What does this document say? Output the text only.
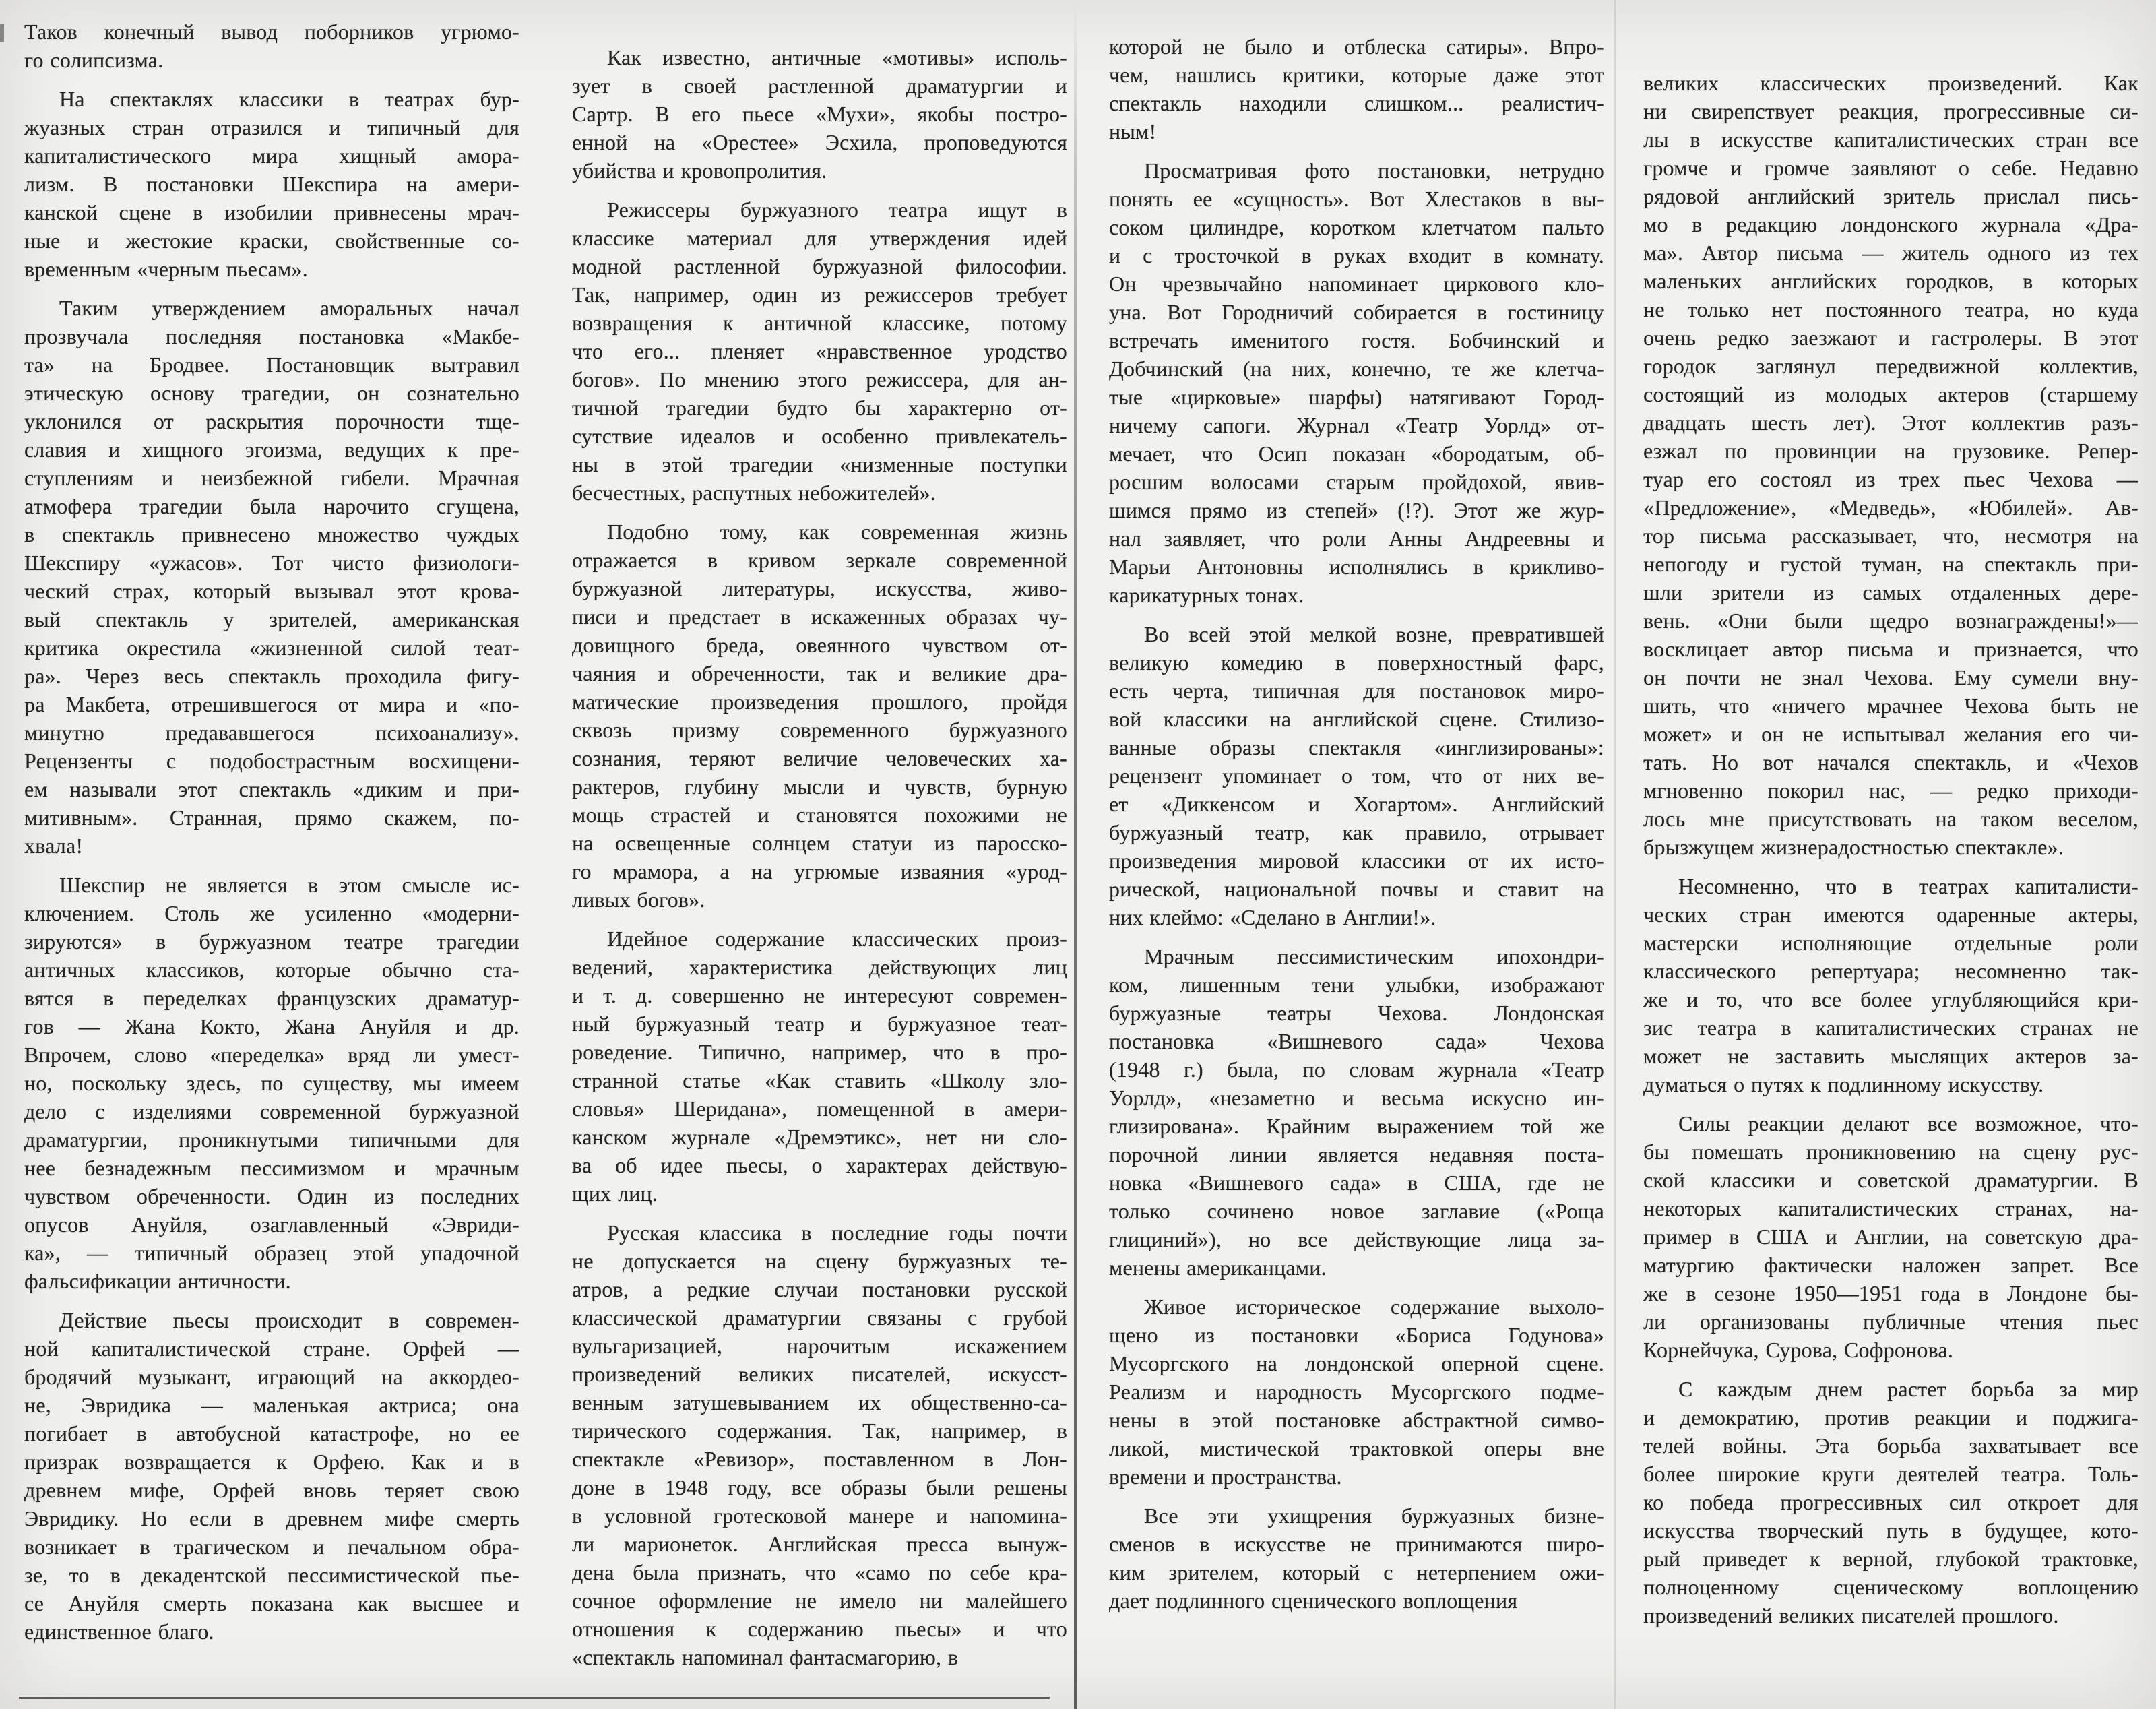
Таков конечный вывод поборников угрюмо-
го солипсизма.
На спектаклях классики в театрах бур-
жуазных стран отразился и типичный для
капиталистического мира хищный амора-
лизм. В постановки Шекспира на амери-
канской сцене в изобилии привнесены мрач-
ные и жестокие краски, свойственные со-
временным «черным пьесам».
Таким утверждением аморальных начал
прозвучала последняя постановка «Макбе-
та» на Бродвее. Постановщик вытравил
этическую основу трагедии, он сознательно
уклонился от раскрытия порочности тще-
славия и хищного эгоизма, ведущих к пре-
ступлениям и неизбежной гибели. Мрачная
атмофера трагедии была нарочито сгущена,
в спектакль привнесено множество чуждых
Шекспиру «ужасов». Тот чисто физиологи-
ческий страх, который вызывал этот крова-
вый спектакль у зрителей, американская
критика окрестила «жизненной силой теат-
ра». Через весь спектакль проходила фигу-
ра Макбета, отрешившегося от мира и «по-
минутно предававшегося психоанализу».
Рецензенты с подобострастным восхищени-
ем называли этот спектакль «диким и при-
митивным». Странная, прямо скажем, по-
хвала!
Шекспир не является в этом смысле ис-
ключением. Столь же усиленно «модерни-
зируются» в буржуазном театре трагедии
античных классиков, которые обычно ста-
вятся в переделках французских драматур-
гов — Жана Кокто, Жана Ануйля и др.
Впрочем, слово «переделка» вряд ли умест-
но, поскольку здесь, по существу, мы имеем
дело с изделиями современной буржуазной
драматургии, проникнутыми типичными для
нее безнадежным пессимизмом и мрачным
чувством обреченности. Один из последних
опусов Ануйля, озаглавленный «Эвриди-
ка», — типичный образец этой упадочной
фальсификации античности.
Действие пьесы происходит в современ-
ной капиталистической стране. Орфей —
бродячий музыкант, играющий на аккордео-
не, Эвридика — маленькая актриса; она
погибает в автобусной катастрофе, но ее
призрак возвращается к Орфею. Как и в
древнем мифе, Орфей вновь теряет свою
Эвридику. Но если в древнем мифе смерть
возникает в трагическом и печальном обра-
зе, то в декадентской пессимистической пье-
се Ануйля смерть показана как высшее и
единственное благо.
Как известно, античные «мотивы» исполь-
зует в своей растленной драматургии и
Сартр. В его пьесе «Мухи», якобы постро-
енной на «Орестее» Эсхила, проповедуются
убийства и кровопролития.
Режиссеры буржуазного театра ищут в
классике материал для утверждения идей
модной растленной буржуазной философии.
Так, например, один из режиссеров требует
возвращения к античной классике, потому
что его... пленяет «нравственное уродство
богов». По мнению этого режиссера, для ан-
тичной трагедии будто бы характерно от-
сутствие идеалов и особенно привлекатель-
ны в этой трагедии «низменные поступки
бесчестных, распутных небожителей».
Подобно тому, как современная жизнь
отражается в кривом зеркале современной
буржуазной литературы, искусства, живо-
писи и предстает в искаженных образах чу-
довищного бреда, овеянного чувством от-
чаяния и обреченности, так и великие дра-
матические произведения прошлого, пройдя
сквозь призму современного буржуазного
сознания, теряют величие человеческих ха-
рактеров, глубину мысли и чувств, бурную
мощь страстей и становятся похожими не
на освещенные солнцем статуи из паросско-
го мрамора, а на угрюмые изваяния «урод-
ливых богов».
Идейное содержание классических произ-
ведений, характеристика действующих лиц
и т. д. совершенно не интересуют современ-
ный буржуазный театр и буржуазное теат-
роведение. Типично, например, что в про-
странной статье «Как ставить «Школу зло-
словья» Шеридана», помещенной в амери-
канском журнале «Дремэтикс», нет ни сло-
ва об идее пьесы, о характерах действую-
щих лиц.
Русская классика в последние годы почти
не допускается на сцену буржуазных те-
атров, а редкие случаи постановки русской
классической драматургии связаны с грубой
вульгаризацией, нарочитым искажением
произведений великих писателей, искусст-
венным затушевыванием их общественно-са-
тирического содержания. Так, например, в
спектакле «Ревизор», поставленном в Лон-
доне в 1948 году, все образы были решены
в условной гротесковой манере и напомина-
ли марионеток. Английская пресса вынуж-
дена была признать, что «само по себе кра-
сочное оформление не имело ни малейшего
отношения к содержанию пьесы» и что
«спектакль напоминал фантасмагорию, в
которой не было и отблеска сатиры». Впро-
чем, нашлись критики, которые даже этот
спектакль находили слишком... реалистич-
ным!
Просматривая фото постановки, нетрудно
понять ее «сущность». Вот Хлестаков в вы-
соком цилиндре, коротком клетчатом пальто
и с тросточкой в руках входит в комнату.
Он чрезвычайно напоминает циркового кло-
уна. Вот Городничий собирается в гостиницу
встречать именитого гостя. Бобчинский и
Добчинский (на них, конечно, те же клетча-
тые «цирковые» шарфы) натягивают Город-
ничему сапоги. Журнал «Театр Уорлд» от-
мечает, что Осип показан «бородатым, об-
росшим волосами старым пройдохой, явив-
шимся прямо из степей» (!?). Этот же жур-
нал заявляет, что роли Анны Андреевны и
Марьи Антоновны исполнялись в крикливо-
карикатурных тонах.
Во всей этой мелкой возне, превратившей
великую комедию в поверхностный фарс,
есть черта, типичная для постановок миро-
вой классики на английской сцене. Стилизо-
ванные образы спектакля «инглизированы»:
рецензент упоминает о том, что от них ве-
ет «Диккенсом и Хогартом». Английский
буржуазный театр, как правило, отрывает
произведения мировой классики от их исто-
рической, национальной почвы и ставит на
них клеймо: «Сделано в Англии!».
Мрачным пессимистическим ипохондри-
ком, лишенным тени улыбки, изображают
буржуазные театры Чехова. Лондонская
постановка «Вишневого сада» Чехова
(1948 г.) была, по словам журнала «Театр
Уорлд», «незаметно и весьма искусно ин-
глизирована». Крайним выражением той же
порочной линии является недавняя поста-
новка «Вишневого сада» в США, где не
только сочинено новое заглавие («Роща
глициний»), но все действующие лица за-
менены американцами.
Живое историческое содержание выхоло-
щено из постановки «Бориса Годунова»
Мусоргского на лондонской оперной сцене.
Реализм и народность Мусоргского подме-
нены в этой постановке абстрактной симво-
ликой, мистической трактовкой оперы вне
времени и пространства.
Все эти ухищрения буржуазных бизне-
сменов в искусстве не принимаются широ-
ким зрителем, который с нетерпением ожи-
дает подлинного сценического воплощения
великих классических произведений. Как
ни свирепствует реакция, прогрессивные си-
лы в искусстве капиталистических стран все
громче и громче заявляют о себе. Недавно
рядовой английский зритель прислал пись-
мо в редакцию лондонского журнала «Дра-
ма». Автор письма — житель одного из тех
маленьких английских городков, в которых
не только нет постоянного театра, но куда
очень редко заезжают и гастролеры. В этот
городок заглянул передвижной коллектив,
состоящий из молодых актеров (старшему
двадцать шесть лет). Этот коллектив разъ-
езжал по провинции на грузовике. Репер-
туар его состоял из трех пьес Чехова —
«Предложение», «Медведь», «Юбилей». Ав-
тор письма рассказывает, что, несмотря на
непогоду и густой туман, на спектакль при-
шли зрители из самых отдаленных дере-
вень. «Они были щедро вознаграждены!»—
восклицает автор письма и признается, что
он почти не знал Чехова. Ему сумели вну-
шить, что «ничего мрачнее Чехова быть не
может» и он не испытывал желания его чи-
тать. Но вот начался спектакль, и «Чехов
мгновенно покорил нас, — редко приходи-
лось мне присутствовать на таком веселом,
брызжущем жизнерадостностью спектакле».
Несомненно, что в театрах капиталисти-
ческих стран имеются одаренные актеры,
мастерски исполняющие отдельные роли
классического репертуара; несомненно так-
же и то, что все более углубляющийся кри-
зис театра в капиталистических странах не
может не заставить мыслящих актеров за-
думаться о путях к подлинному искусству.
Силы реакции делают все возможное, что-
бы помешать проникновению на сцену рус-
ской классики и советской драматургии. В
некоторых капиталистических странах, на-
пример в США и Англии, на советскую дра-
матургию фактически наложен запрет. Все
же в сезоне 1950—1951 года в Лондоне бы-
ли организованы публичные чтения пьес
Корнейчука, Сурова, Софронова.
С каждым днем растет борьба за мир
и демократию, против реакции и поджига-
телей войны. Эта борьба захватывает все
более широкие круги деятелей театра. Толь-
ко победа прогрессивных сил откроет для
искусства творческий путь в будущее, кото-
рый приведет к верной, глубокой трактовке,
полноценному сценическому воплощению
произведений великих писателей прошлого.
